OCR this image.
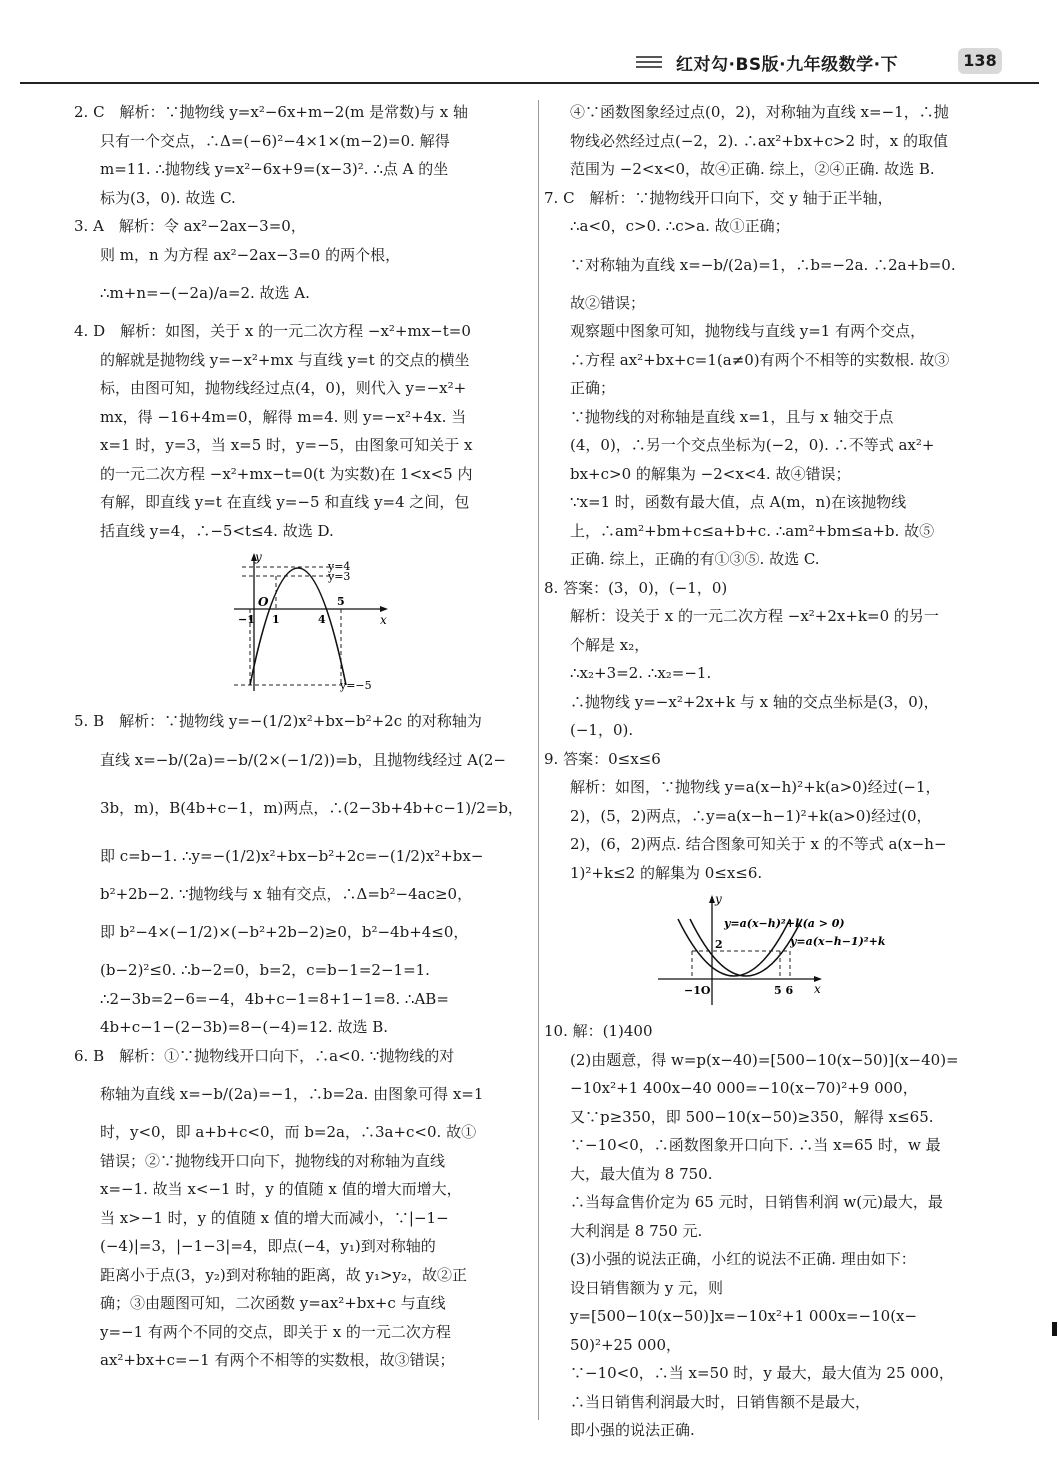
红对勾·BS版·九年级数学·下	138
2. C　解析：∵抛物线 y=x²−6x+m−2(m 是常数)与 x 轴
只有一个交点，∴Δ=(−6)²−4×1×(m−2)=0. 解得
m=11. ∴抛物线 y=x²−6x+9=(x−3)². ∴点 A 的坐
标为(3，0). 故选 C.
3. A　解析：令 ax²−2ax−3=0，
则 m，n 为方程 ax²−2ax−3=0 的两个根，
∴m+n=−(−2a)/a=2. 故选 A.
4. D　解析：如图，关于 x 的一元二次方程 −x²+mx−t=0
的解就是抛物线 y=−x²+mx 与直线 y=t 的交点的横坐
标，由图可知，抛物线经过点(4，0)，则代入 y=−x²+
mx，得 −16+4m=0，解得 m=4. 则 y=−x²+4x. 当
x=1 时，y=3，当 x=5 时，y=−5，由图象可知关于 x
的一元二次方程 −x²+mx−t=0(t 为实数)在 1<x<5 内
有解，即直线 y=t 在直线 y=−5 和直线 y=4 之间，包
括直线 y=4，∴−5<t≤4. 故选 D.
y
x
y=4
y=3
y=−5
O
−1 1	4
5
5. B　解析：∵抛物线 y=−(1/2)x²+bx−b²+2c 的对称轴为
直线 x=−b/(2a)=−b/(2×(−1/2))=b，且抛物线经过 A(2−
3b，m)，B(4b+c−1，m)两点，∴(2−3b+4b+c−1)/2=b，
即 c=b−1. ∴y=−(1/2)x²+bx−b²+2c=−(1/2)x²+bx−
b²+2b−2. ∵抛物线与 x 轴有交点，∴Δ=b²−4ac≥0，
即 b²−4×(−1/2)×(−b²+2b−2)≥0，b²−4b+4≤0，
(b−2)²≤0. ∴b−2=0，b=2，c=b−1=2−1=1.
∴2−3b=2−6=−4，4b+c−1=8+1−1=8. ∴AB=
4b+c−1−(2−3b)=8−(−4)=12. 故选 B.
6. B　解析：①∵抛物线开口向下，∴a<0. ∵抛物线的对
称轴为直线 x=−b/(2a)=−1，∴b=2a. 由图象可得 x=1
时，y<0，即 a+b+c<0，而 b=2a，∴3a+c<0. 故①
错误；②∵抛物线开口向下，抛物线的对称轴为直线
x=−1. 故当 x<−1 时，y 的值随 x 值的增大而增大，
当 x>−1 时，y 的值随 x 值的增大而减小，∵|−1−
(−4)|=3，|−1−3|=4，即点(−4，y₁)到对称轴的
距离小于点(3，y₂)到对称轴的距离，故 y₁>y₂，故②正
确；③由题图可知，二次函数 y=ax²+bx+c 与直线
y=−1 有两个不同的交点，即关于 x 的一元二次方程
ax²+bx+c=−1 有两个不相等的实数根，故③错误；
④∵函数图象经过点(0，2)，对称轴为直线 x=−1，∴抛
物线必然经过点(−2，2). ∴ax²+bx+c>2 时，x 的取值
范围为 −2<x<0，故④正确. 综上，②④正确. 故选 B.
7. C　解析：∵抛物线开口向下，交 y 轴于正半轴，
∴a<0，c>0. ∴c>a. 故①正确；
∵对称轴为直线 x=−b/(2a)=1，∴b=−2a. ∴2a+b=0.
故②错误；
观察题中图象可知，抛物线与直线 y=1 有两个交点，
∴方程 ax²+bx+c=1(a≠0)有两个不相等的实数根. 故③
正确；
∵抛物线的对称轴是直线 x=1，且与 x 轴交于点
(4，0)，∴另一个交点坐标为(−2，0). ∴不等式 ax²+
bx+c>0 的解集为 −2<x<4. 故④错误；
∵x=1 时，函数有最大值，点 A(m，n)在该抛物线
上，∴am²+bm+c≤a+b+c. ∴am²+bm≤a+b. 故⑤
正确. 综上，正确的有①③⑤. 故选 C.
8. 答案：(3，0)，(−1，0)
解析：设关于 x 的一元二次方程 −x²+2x+k=0 的另一
个解是 x₂，
∴x₂+3=2. ∴x₂=−1.
∴抛物线 y=−x²+2x+k 与 x 轴的交点坐标是(3，0)，
(−1，0).
9. 答案：0≤x≤6
解析：如图，∵抛物线 y=a(x−h)²+k(a>0)经过(−1，
2)，(5，2)两点，∴y=a(x−h−1)²+k(a>0)经过(0，
2)，(6，2)两点. 结合图象可知关于 x 的不等式 a(x−h−
1)²+k≤2 的解集为 0≤x≤6.
y
x
y=a(x−h)²+k(a > 0)
y=a(x−h−1)²+k
2
−1O	5 6
10. 解：(1)400
(2)由题意，得 w=p(x−40)=[500−10(x−50)](x−40)=
−10x²+1 400x−40 000=−10(x−70)²+9 000，
又∵p≥350，即 500−10(x−50)≥350，解得 x≤65.
∵−10<0，∴函数图象开口向下. ∴当 x=65 时，w 最
大，最大值为 8 750.
∴当每盒售价定为 65 元时，日销售利润 w(元)最大，最
大利润是 8 750 元.
(3)小强的说法正确，小红的说法不正确. 理由如下：
设日销售额为 y 元，则
y=[500−10(x−50)]x=−10x²+1 000x=−10(x−
50)²+25 000，
∵−10<0，∴当 x=50 时，y 最大，最大值为 25 000，
∴当日销售利润最大时，日销售额不是最大，
即小强的说法正确.
